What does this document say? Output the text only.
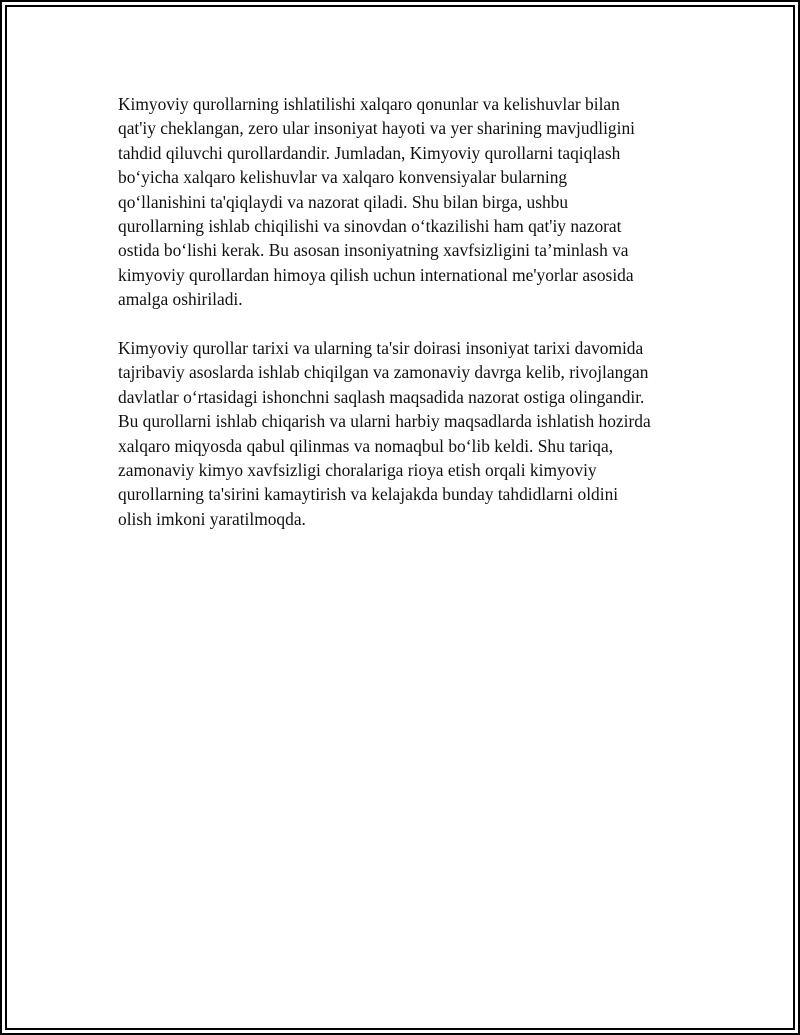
Kimyoviy qurollarning ishlatilishi xalqaro qonunlar va kelishuvlar bilan
qat'iy cheklangan, zero ular insoniyat hayoti va yer sharining mavjudligini
tahdid qiluvchi qurollardandir. Jumladan, Kimyoviy qurollarni taqiqlash
bo‘yicha xalqaro kelishuvlar va xalqaro konvensiyalar bularning
qo‘llanishini ta'qiqlaydi va nazorat qiladi. Shu bilan birga, ushbu
qurollarning ishlab chiqilishi va sinovdan o‘tkazilishi ham qat'iy nazorat
ostida bo‘lishi kerak. Bu asosan insoniyatning xavfsizligini ta’minlash va
kimyoviy qurollardan himoya qilish uchun international me'yorlar asosida
amalga oshiriladi.

Kimyoviy qurollar tarixi va ularning ta'sir doirasi insoniyat tarixi davomida
tajribaviy asoslarda ishlab chiqilgan va zamonaviy davrga kelib, rivojlangan
davlatlar o‘rtasidagi ishonchni saqlash maqsadida nazorat ostiga olingandir.
Bu qurollarni ishlab chiqarish va ularni harbiy maqsadlarda ishlatish hozirda
xalqaro miqyosda qabul qilinmas va nomaqbul bo‘lib keldi. Shu tariqa,
zamonaviy kimyo xavfsizligi choralariga rioya etish orqali kimyoviy
qurollarning ta'sirini kamaytirish va kelajakda bunday tahdidlarni oldini
olish imkoni yaratilmoqda.
